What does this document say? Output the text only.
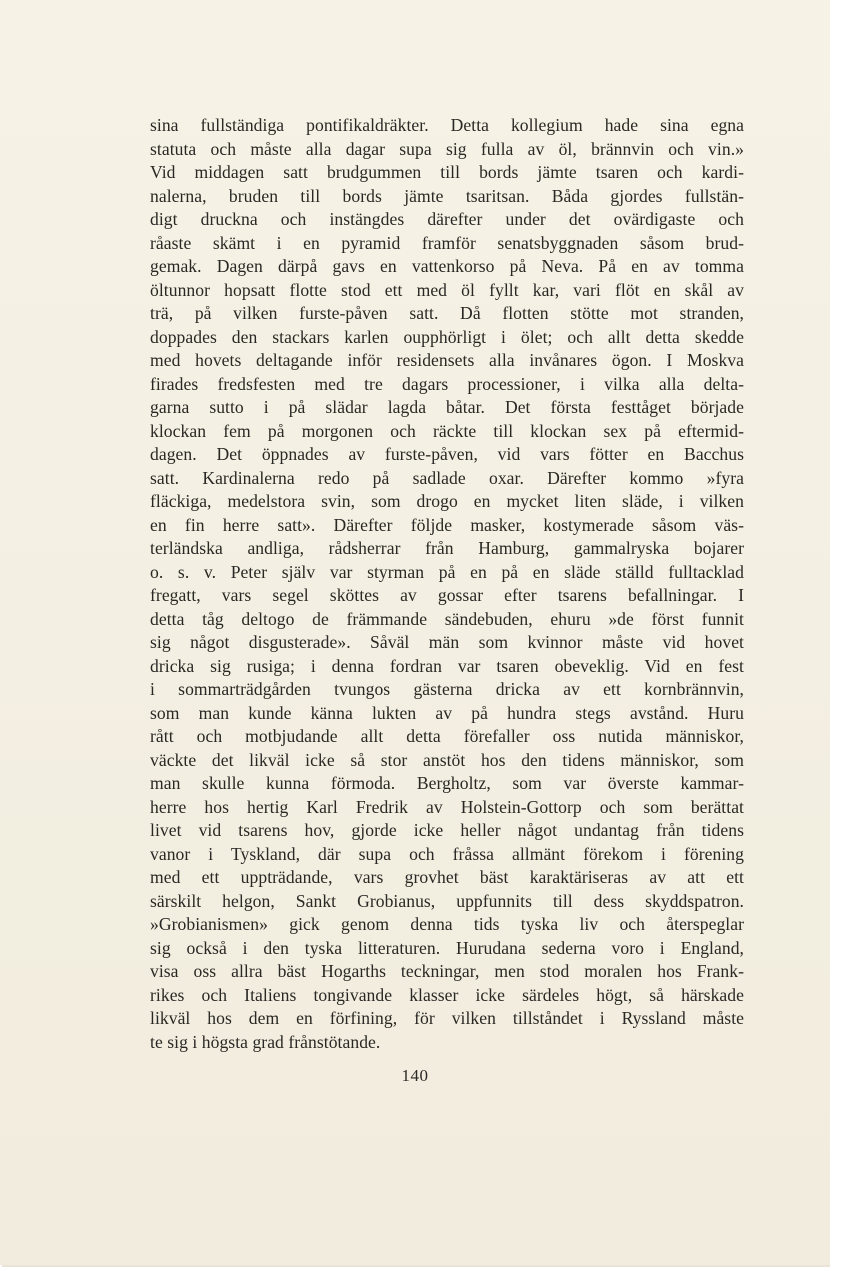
sina fullständiga pontifikaldräkter. Detta kollegium hade sina egna
statuta och måste alla dagar supa sig fulla av öl, brännvin och vin.»
Vid middagen satt brudgummen till bords jämte tsaren och kardi-
nalerna, bruden till bords jämte tsaritsan. Båda gjordes fullstän-
digt druckna och instängdes därefter under det ovärdigaste och
råaste skämt i en pyramid framför senatsbyggnaden såsom brud-
gemak. Dagen därpå gavs en vattenkorso på Neva. På en av tomma
öltunnor hopsatt flotte stod ett med öl fyllt kar, vari flöt en skål av
trä, på vilken furste-påven satt. Då flotten stötte mot stranden,
doppades den stackars karlen oupphörligt i ölet; och allt detta skedde
med hovets deltagande inför residensets alla invånares ögon. I Moskva
firades fredsfesten med tre dagars processioner, i vilka alla delta-
garna sutto i på slädar lagda båtar. Det första festtåget började
klockan fem på morgonen och räckte till klockan sex på eftermid-
dagen. Det öppnades av furste-påven, vid vars fötter en Bacchus
satt. Kardinalerna redo på sadlade oxar. Därefter kommo »fyra
fläckiga, medelstora svin, som drogo en mycket liten släde, i vilken
en fin herre satt». Därefter följde masker, kostymerade såsom väs-
terländska andliga, rådsherrar från Hamburg, gammalryska bojarer
o. s. v. Peter själv var styrman på en på en släde ställd fulltacklad
fregatt, vars segel sköttes av gossar efter tsarens befallningar. I
detta tåg deltogo de främmande sändebuden, ehuru »de först funnit
sig något disgusterade». Såväl män som kvinnor måste vid hovet
dricka sig rusiga; i denna fordran var tsaren obeveklig. Vid en fest
i sommarträdgården tvungos gästerna dricka av ett kornbrännvin,
som man kunde känna lukten av på hundra stegs avstånd. Huru
rått och motbjudande allt detta förefaller oss nutida människor,
väckte det likväl icke så stor anstöt hos den tidens människor, som
man skulle kunna förmoda. Bergholtz, som var överste kammar-
herre hos hertig Karl Fredrik av Holstein-Gottorp och som berättat
livet vid tsarens hov, gjorde icke heller något undantag från tidens
vanor i Tyskland, där supa och fråssa allmänt förekom i förening
med ett uppträdande, vars grovhet bäst karaktäriseras av att ett
särskilt helgon, Sankt Grobianus, uppfunnits till dess skyddspatron.
»Grobianismen» gick genom denna tids tyska liv och återspeglar
sig också i den tyska litteraturen. Hurudana sederna voro i England,
visa oss allra bäst Hogarths teckningar, men stod moralen hos Frank-
rikes och Italiens tongivande klasser icke särdeles högt, så härskade
likväl hos dem en förfining, för vilken tillståndet i Ryssland måste
te sig i högsta grad frånstötande.
140
